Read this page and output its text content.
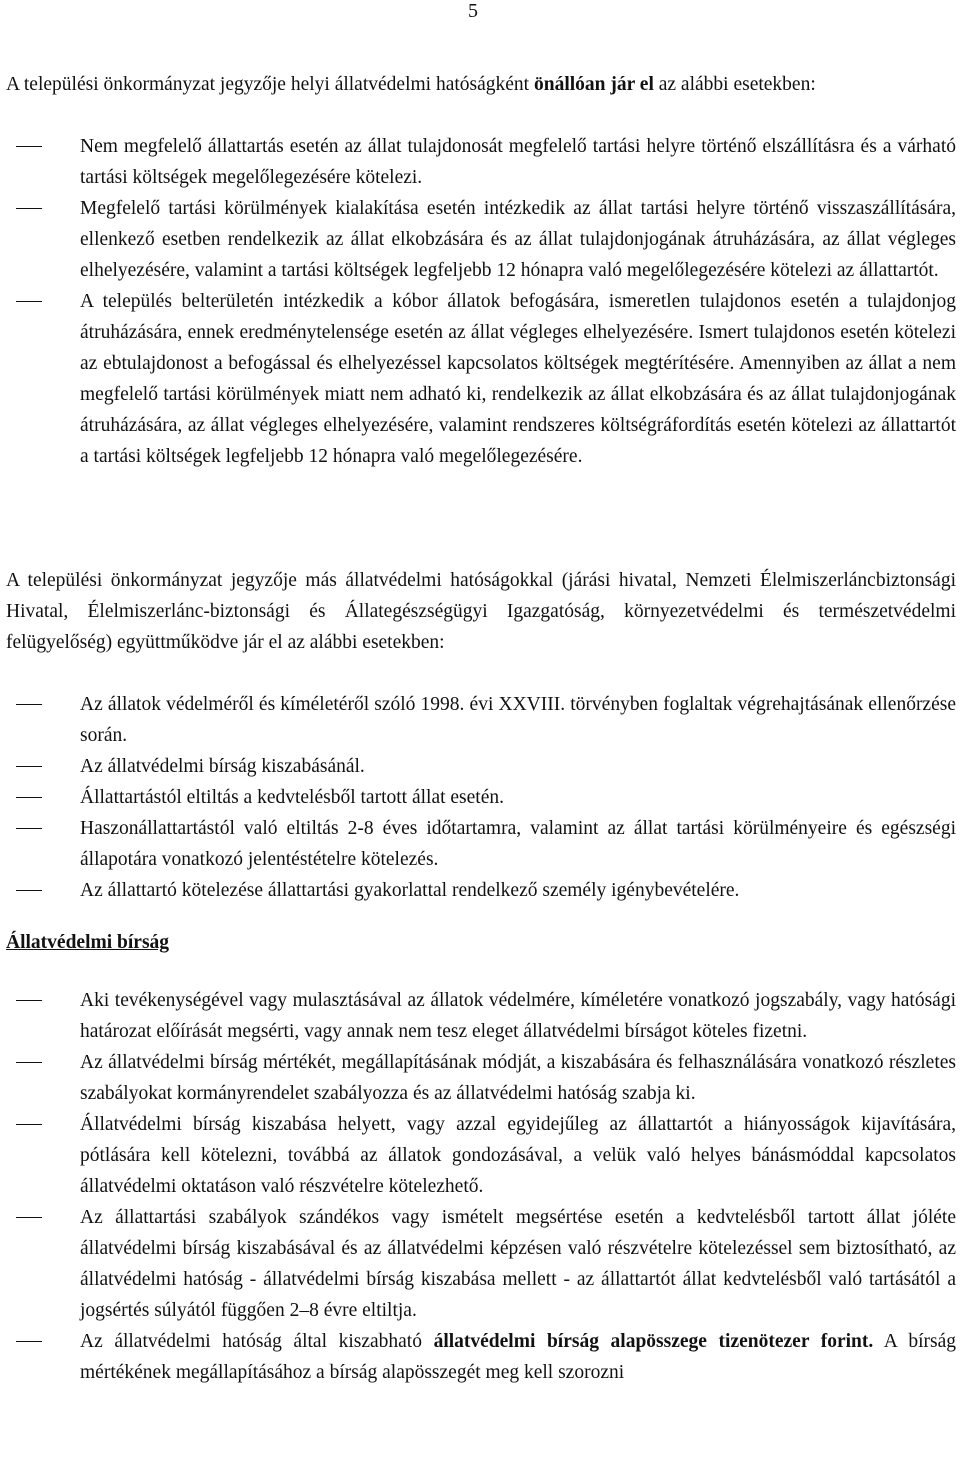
5

A települési önkormányzat jegyzője helyi állatvédelmi hatóságként önállóan jár el az alábbi esetekben:

Nem megfelelő állattartás esetén az állat tulajdonosát megfelelő tartási helyre történő elszállításra és a várható tartási költségek megelőlegezésére kötelezi.
Megfelelő tartási körülmények kialakítása esetén intézkedik az állat tartási helyre történő visszaszállítására, ellenkező esetben rendelkezik az állat elkobzására és az állat tulajdonjogának átruházására, az állat végleges elhelyezésére, valamint a tartási költségek legfeljebb 12 hónapra való megelőlegezésére kötelezi az állattartót.
A település belterületén intézkedik a kóbor állatok befogására, ismeretlen tulajdonos esetén a tulajdonjog átruházására, ennek eredménytelensége esetén az állat végleges elhelyezésére. Ismert tulajdonos esetén kötelezi az ebtulajdonost a befogással és elhelyezéssel kapcsolatos költségek megtérítésére. Amennyiben az állat a nem megfelelő tartási körülmények miatt nem adható ki, rendelkezik az állat elkobzására és az állat tulajdonjogának átruházására, az állat végleges elhelyezésére, valamint rendszeres költségráfordítás esetén kötelezi az állattartót a tartási költségek legfeljebb 12 hónapra való megelőlegezésére.

A települési önkormányzat jegyzője más állatvédelmi hatóságokkal (járási hivatal, Nemzeti Élelmiszerláncbiztonsági Hivatal, Élelmiszerlánc-biztonsági és Állategészségügyi Igazgatóság, környezetvédelmi és természetvédelmi felügyelőség) együttműködve jár el az alábbi esetekben:

Az állatok védelméről és kíméletéről szóló 1998. évi XXVIII. törvényben foglaltak végrehajtásának ellenőrzése során.
Az állatvédelmi bírság kiszabásánál.
Állattartástól eltiltás a kedvtelésből tartott állat esetén.
Haszonállattartástól való eltiltás 2-8 éves időtartamra, valamint az állat tartási körülményeire és egészségi állapotára vonatkozó jelentéstételre kötelezés.
Az állattartó kötelezése állattartási gyakorlattal rendelkező személy igénybevételére.
Állatvédelmi bírság
Aki tevékenységével vagy mulasztásával az állatok védelmére, kíméletére vonatkozó jogszabály, vagy hatósági határozat előírását megsérti, vagy annak nem tesz eleget állatvédelmi bírságot köteles fizetni.
Az állatvédelmi bírság mértékét, megállapításának módját, a kiszabására és felhasználására vonatkozó részletes szabályokat kormányrendelet szabályozza és az állatvédelmi hatóság szabja ki.
Állatvédelmi bírság kiszabása helyett, vagy azzal egyidejűleg az állattartót a hiányosságok kijavítására, pótlására kell kötelezni, továbbá az állatok gondozásával, a velük való helyes bánásmóddal kapcsolatos állatvédelmi oktatáson való részvételre kötelezhető.
Az állattartási szabályok szándékos vagy ismételt megsértése esetén a kedvtelésből tartott állat jóléte állatvédelmi bírság kiszabásával és az állatvédelmi képzésen való részvételre kötelezéssel sem biztosítható, az állatvédelmi hatóság - állatvédelmi bírság kiszabása mellett - az állattartót állat kedvtelésből való tartásától a jogsértés súlyától függően 2–8 évre eltiltja.
Az állatvédelmi hatóság által kiszabható állatvédelmi bírság alapösszege tizenötezer forint. A bírság mértékének megállapításához a bírság alapösszegét meg kell szorozni
